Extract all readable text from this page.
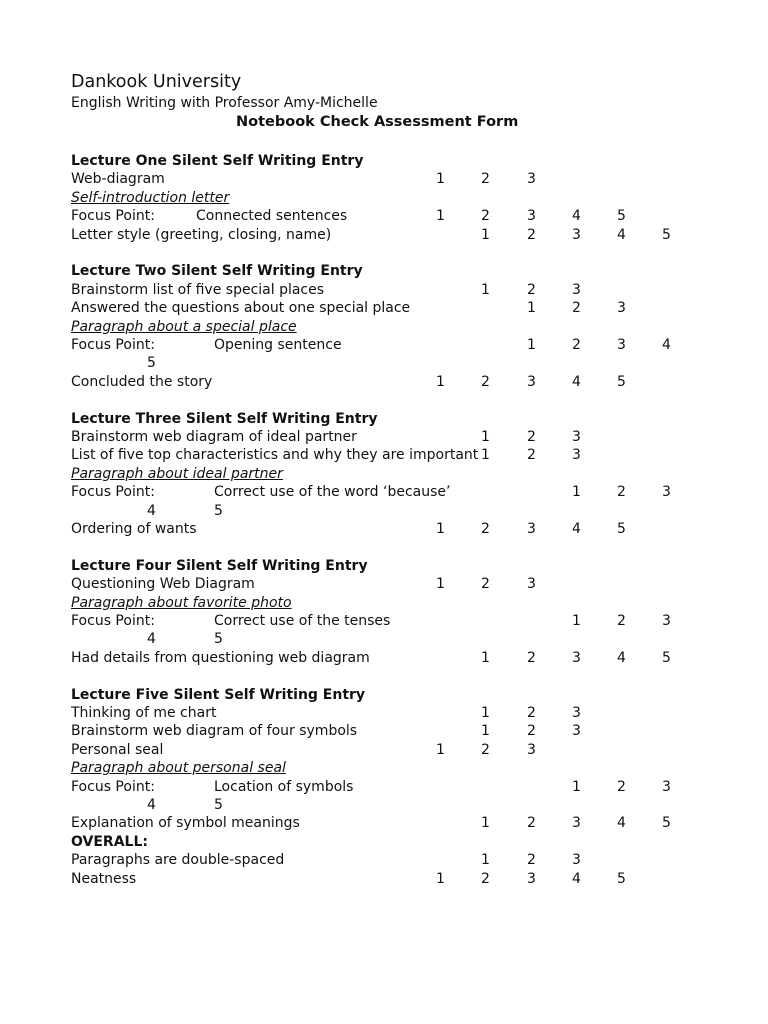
Dankook University
English Writing with Professor Amy-Michelle
Notebook Check Assessment Form
Lecture One Silent Self Writing Entry
Web-diagram	1	2	3
Self-introduction letter
Focus Point:	Connected sentences	1	2	3	4	5
Letter style (greeting, closing, name)	1	2	3	4	5
Lecture Two Silent Self Writing Entry
Brainstorm list of five special places	1	2	3
Answered the questions about one special place	1	2	3
Paragraph about a special place
Focus Point:	Opening sentence	1	2	3	4
5
Concluded the story	1	2	3	4	5
Lecture Three Silent Self Writing Entry
Brainstorm web diagram of ideal partner	1	2	3
List of five top characteristics and why they are important 1	2	3
Paragraph about ideal partner
Focus Point:	Correct use of the word ‘because’	1	2	3
4	5
Ordering of wants	1	2	3	4	5
Lecture Four Silent Self Writing Entry
Questioning Web Diagram	1	2	3
Paragraph about favorite photo
Focus Point:	Correct use of the tenses	1	2	3
4	5
Had details from questioning web diagram	1	2	3	4	5
Lecture Five Silent Self Writing Entry
Thinking of me chart	1	2	3
Brainstorm web diagram of four symbols	1	2	3
Personal seal	1	2	3
Paragraph about personal seal
Focus Point:	Location of symbols	1	2	3
4	5
Explanation of symbol meanings	1	2	3	4	5
OVERALL:
Paragraphs are double-spaced	1	2	3
Neatness	1	2	3	4	5
